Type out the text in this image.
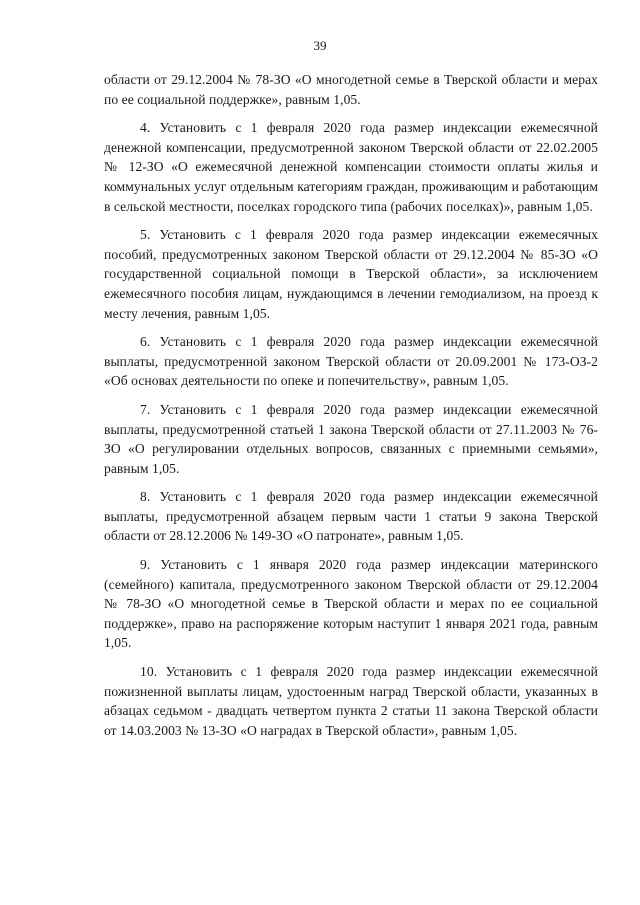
39

области от 29.12.2004 № 78-ЗО «О многодетной семье в Тверской области и мерах по ее социальной поддержке», равным 1,05.

4. Установить с 1 февраля 2020 года размер индексации ежемесячной денежной компенсации, предусмотренной законом Тверской области от 22.02.2005 № 12-ЗО «О ежемесячной денежной компенсации стоимости оплаты жилья и коммунальных услуг отдельным категориям граждан, проживающим и работающим в сельской местности, поселках городского типа (рабочих поселках)», равным 1,05.

5. Установить с 1 февраля 2020 года размер индексации ежемесячных пособий, предусмотренных законом Тверской области от 29.12.2004 № 85-ЗО «О государственной социальной помощи в Тверской области», за исключением ежемесячного пособия лицам, нуждающимся в лечении гемодиализом, на проезд к месту лечения, равным 1,05.

6. Установить с 1 февраля 2020 года размер индексации ежемесячной выплаты, предусмотренной законом Тверской области от 20.09.2001 № 173-ОЗ-2 «Об основах деятельности по опеке и попечительству», равным 1,05.

7. Установить с 1 февраля 2020 года размер индексации ежемесячной выплаты, предусмотренной статьей 1 закона Тверской области от 27.11.2003 № 76-ЗО «О регулировании отдельных вопросов, связанных с приемными семьями», равным 1,05.

8. Установить с 1 февраля 2020 года размер индексации ежемесячной выплаты, предусмотренной абзацем первым части 1 статьи 9 закона Тверской области от 28.12.2006 № 149-ЗО «О патронате», равным 1,05.

9. Установить с 1 января 2020 года размер индексации материнского (семейного) капитала, предусмотренного законом Тверской области от 29.12.2004 № 78-ЗО «О многодетной семье в Тверской области и мерах по ее социальной поддержке», право на распоряжение которым наступит 1 января 2021 года, равным 1,05.

10. Установить с 1 февраля 2020 года размер индексации ежемесячной пожизненной выплаты лицам, удостоенным наград Тверской области, указанных в абзацах седьмом - двадцать четвертом пункта 2 статьи 11 закона Тверской области от 14.03.2003 № 13-ЗО «О наградах в Тверской области», равным 1,05.
